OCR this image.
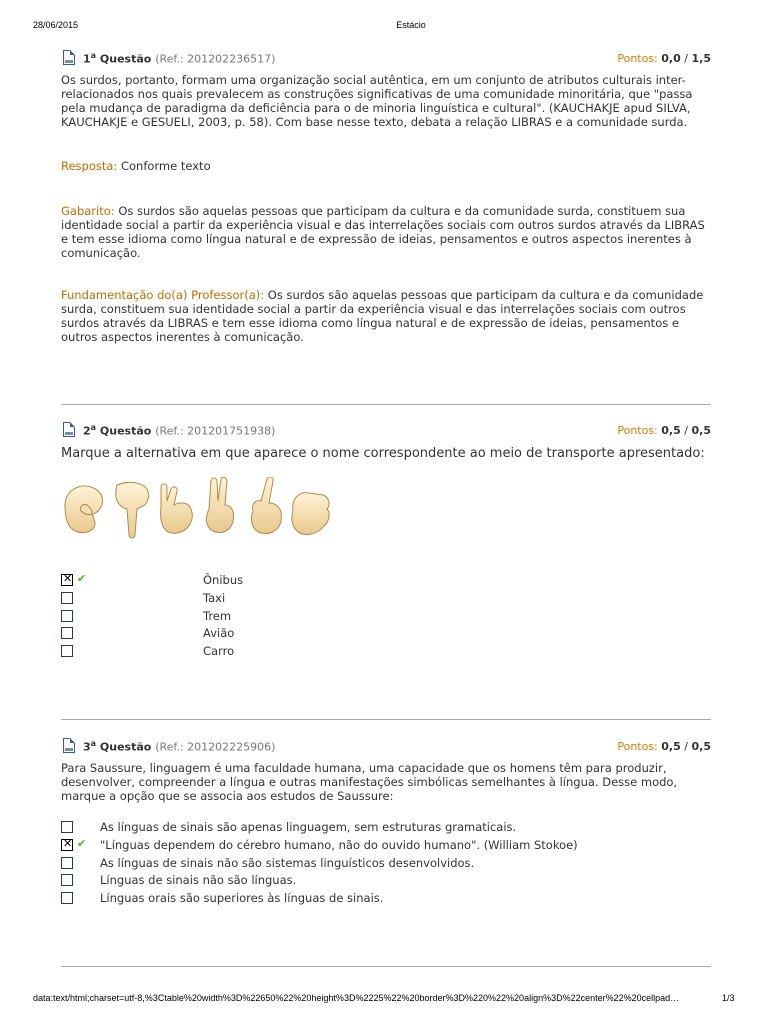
28/06/2015	Estácio
1$^a$ Questão (Ref.: 201202236517)	Pontos: 0,0 / 1,5
Os surdos, portanto, formam uma organização social autêntica, em um conjunto de atributos culturais inter-relacionados nos quais prevalecem as construções significativas de uma comunidade minoritária, que "passa pela mudança de paradigma da deficiência para o de minoria linguística e cultural". (KAUCHAKJE apud SILVA, KAUCHAKJE e GESUELI, 2003, p. 58). Com base nesse texto, debata a relação LIBRAS e a comunidade surda.
Resposta: Conforme texto
Gabarito: Os surdos são aquelas pessoas que participam da cultura e da comunidade surda, constituem sua identidade social a partir da experiência visual e das interrelações sociais com outros surdos através da LIBRAS e tem esse idioma como língua natural e de expressão de ideias, pensamentos e outros aspectos inerentes à comunicação.
Fundamentação do(a) Professor(a): Os surdos são aquelas pessoas que participam da cultura e da comunidade surda, constituem sua identidade social a partir da experiência visual e das interrelações sociais com outros surdos através da LIBRAS e tem esse idioma como língua natural e de expressão de ideias, pensamentos e outros aspectos inerentes à comunicação.
2$^a$ Questão (Ref.: 201201751938)	Pontos: 0,5 / 0,5
Marque a alternativa em que aparece o nome correspondente ao meio de transporte apresentado:
✕ ✔	Ônibus
Taxi
Trem
Avião
Carro
3$^a$ Questão (Ref.: 201202225906)	Pontos: 0,5 / 0,5
Para Saussure, linguagem é uma faculdade humana, uma capacidade que os homens têm para produzir, desenvolver, compreender a língua e outras manifestações simbólicas semelhantes à língua. Desse modo, marque a opção que se associa aos estudos de Saussure:
As línguas de sinais são apenas linguagem, sem estruturas gramaticais.
✕ ✔ "Línguas dependem do cérebro humano, não do ouvido humano". (William Stokoe)
As línguas de sinais não são sistemas linguísticos desenvolvidos.
Línguas de sinais não são línguas.
Línguas orais são superiores às línguas de sinais.
data:text/html;charset=utf-8,%3Ctable%20width%3D%22650%22%20height%3D%2225%22%20border%3D%220%22%20align%3D%22center%22%20cellpad…	1/3
